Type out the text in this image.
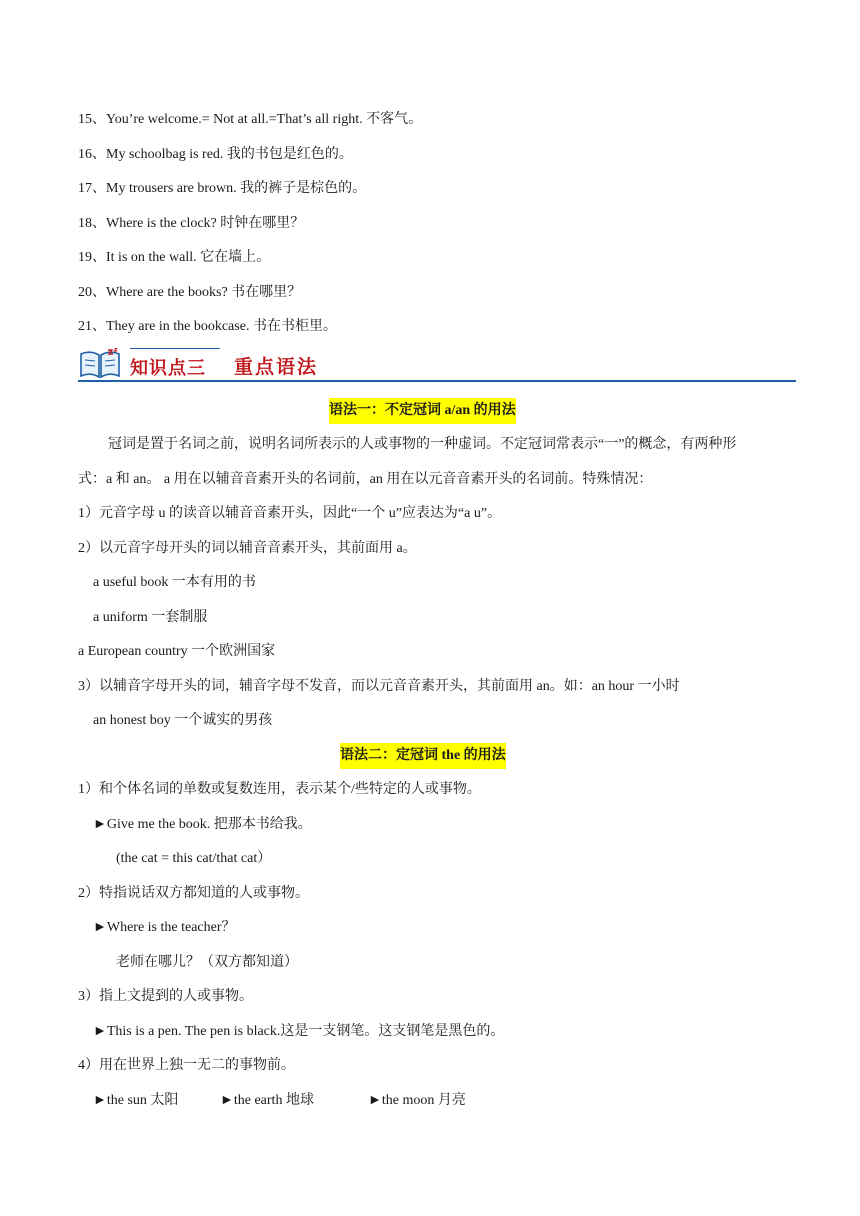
15、You’re welcome.= Not at all.=That’s all right. 不客气。
16、My schoolbag is red. 我的书包是红色的。
17、My trousers are brown. 我的裤子是棕色的。
18、Where is the clock? 时钟在哪里？
19、It is on the wall. 它在墙上。
20、Where are the books? 书在哪里？
21、They are in the bookcase. 书在书柜里。
知识点三 重点语法
语法一：不定冠词 a/an 的用法
冠词是置于名词之前，说明名词所表示的人或事物的一种虚词。不定冠词常表示“一”的概念，有两种形
式：a 和 an。 a 用在以辅音音素开头的名词前，an 用在以元音音素开头的名词前。特殊情况：
1）元音字母 u 的读音以辅音音素开头，因此“一个 u”应表达为“a u”。
2）以元音字母开头的词以辅音音素开头，其前面用 a。
a useful book 一本有用的书
a uniform 一套制服
a European country 一个欧洲国家
3）以辅音字母开头的词，辅音字母不发音，而以元音音素开头，其前面用 an。如：an hour 一小时
an honest boy 一个诚实的男孩
语法二：定冠词 the 的用法
1）和个体名词的单数或复数连用，表示某个/些特定的人或事物。
►Give me the book. 把那本书给我。
(the cat = this cat/that cat）
2）特指说话双方都知道的人或事物。
►Where is the teacher？
老师在哪儿？（双方都知道）
3）指上文提到的人或事物。
►This is a pen. The pen is black.这是一支钢笔。这支钢笔是黑色的。
4）用在世界上独一无二的事物前。
►the sun 太阳	►the earth 地球	►the moon 月亮
